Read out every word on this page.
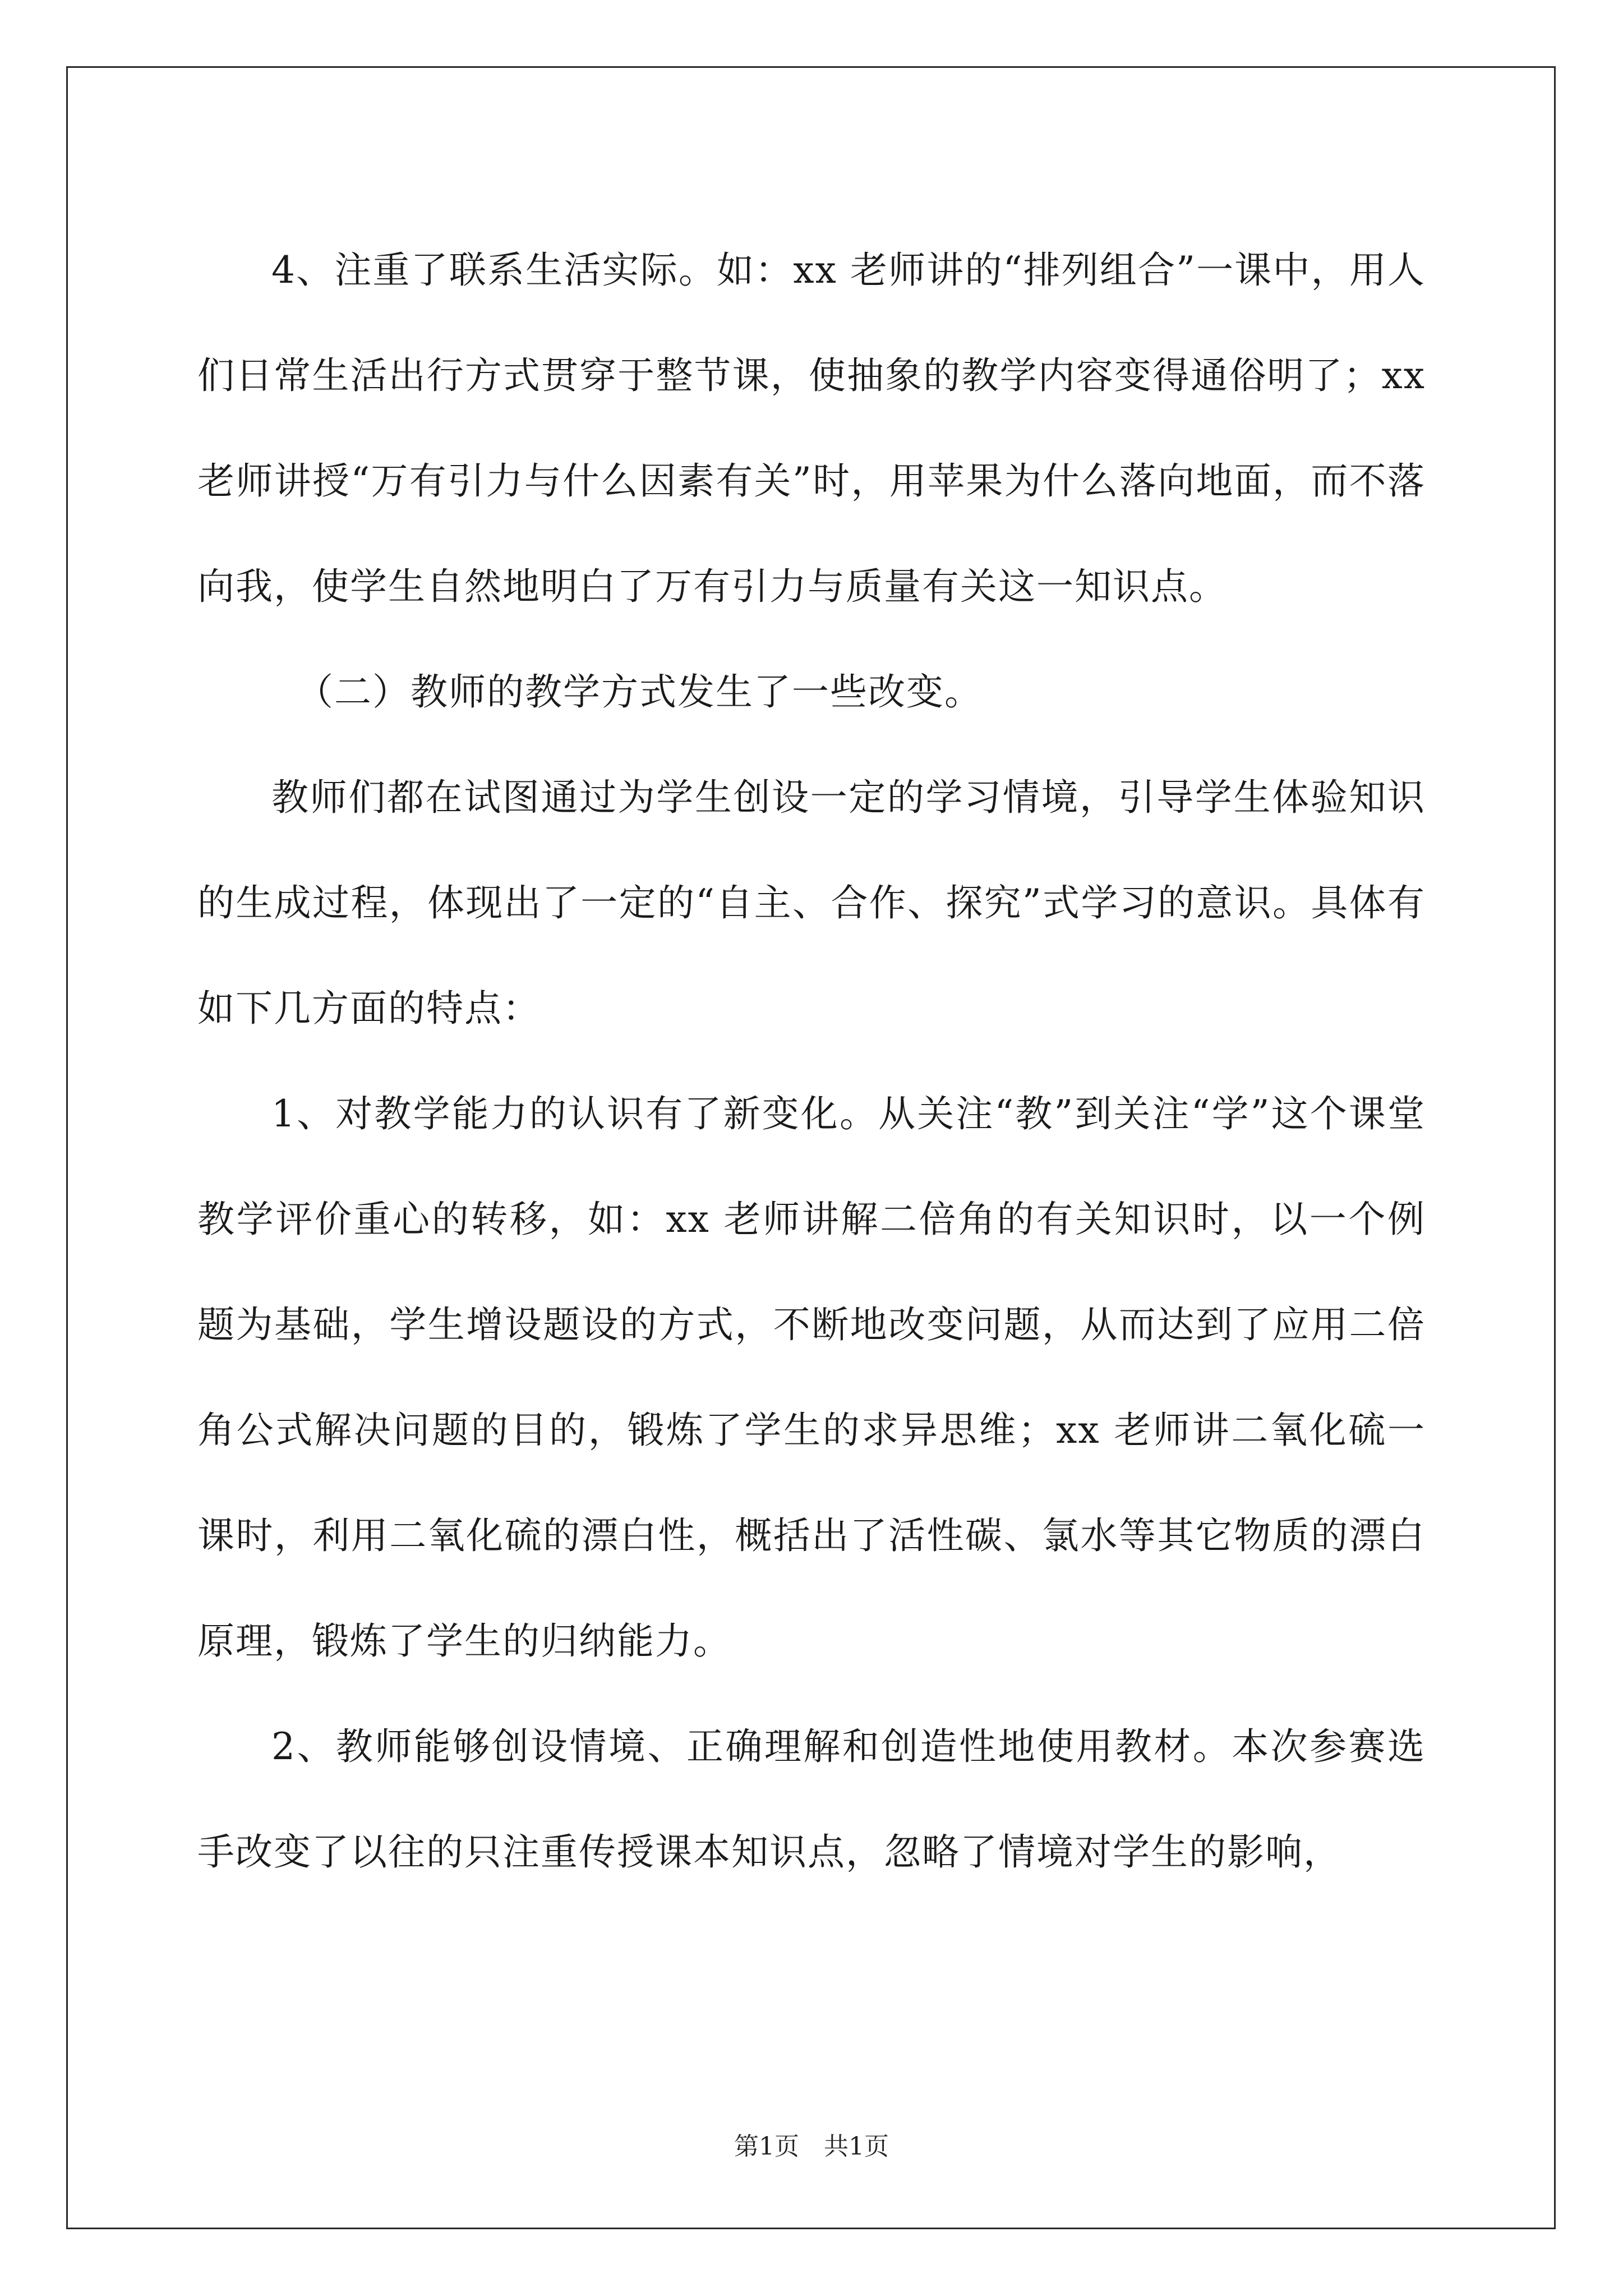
4、注重了联系生活实际。如：xx 老师讲的“排列组合”一课中，用人们日常生活出行方式贯穿于整节课，使抽象的教学内容变得通俗明了；xx 老师讲授“万有引力与什么因素有关”时，用苹果为什么落向地面，而不落向我，使学生自然地明白了万有引力与质量有关这一知识点。

（二）教师的教学方式发生了一些改变。

教师们都在试图通过为学生创设一定的学习情境，引导学生体验知识的生成过程，体现出了一定的“自主、合作、探究”式学习的意识。具体有如下几方面的特点：

1、对教学能力的认识有了新变化。从关注“教”到关注“学”这个课堂教学评价重心的转移，如：xx 老师讲解二倍角的有关知识时，以一个例题为基础，学生增设题设的方式，不断地改变问题，从而达到了应用二倍角公式解决问题的目的，锻炼了学生的求异思维；xx 老师讲二氧化硫一课时，利用二氧化硫的漂白性，概括出了活性碳、氯水等其它物质的漂白原理，锻炼了学生的归纳能力。

2、教师能够创设情境、正确理解和创造性地使用教材。本次参赛选手改变了以往的只注重传授课本知识点，忽略了情境对学生的影响，

第1页　共1页
